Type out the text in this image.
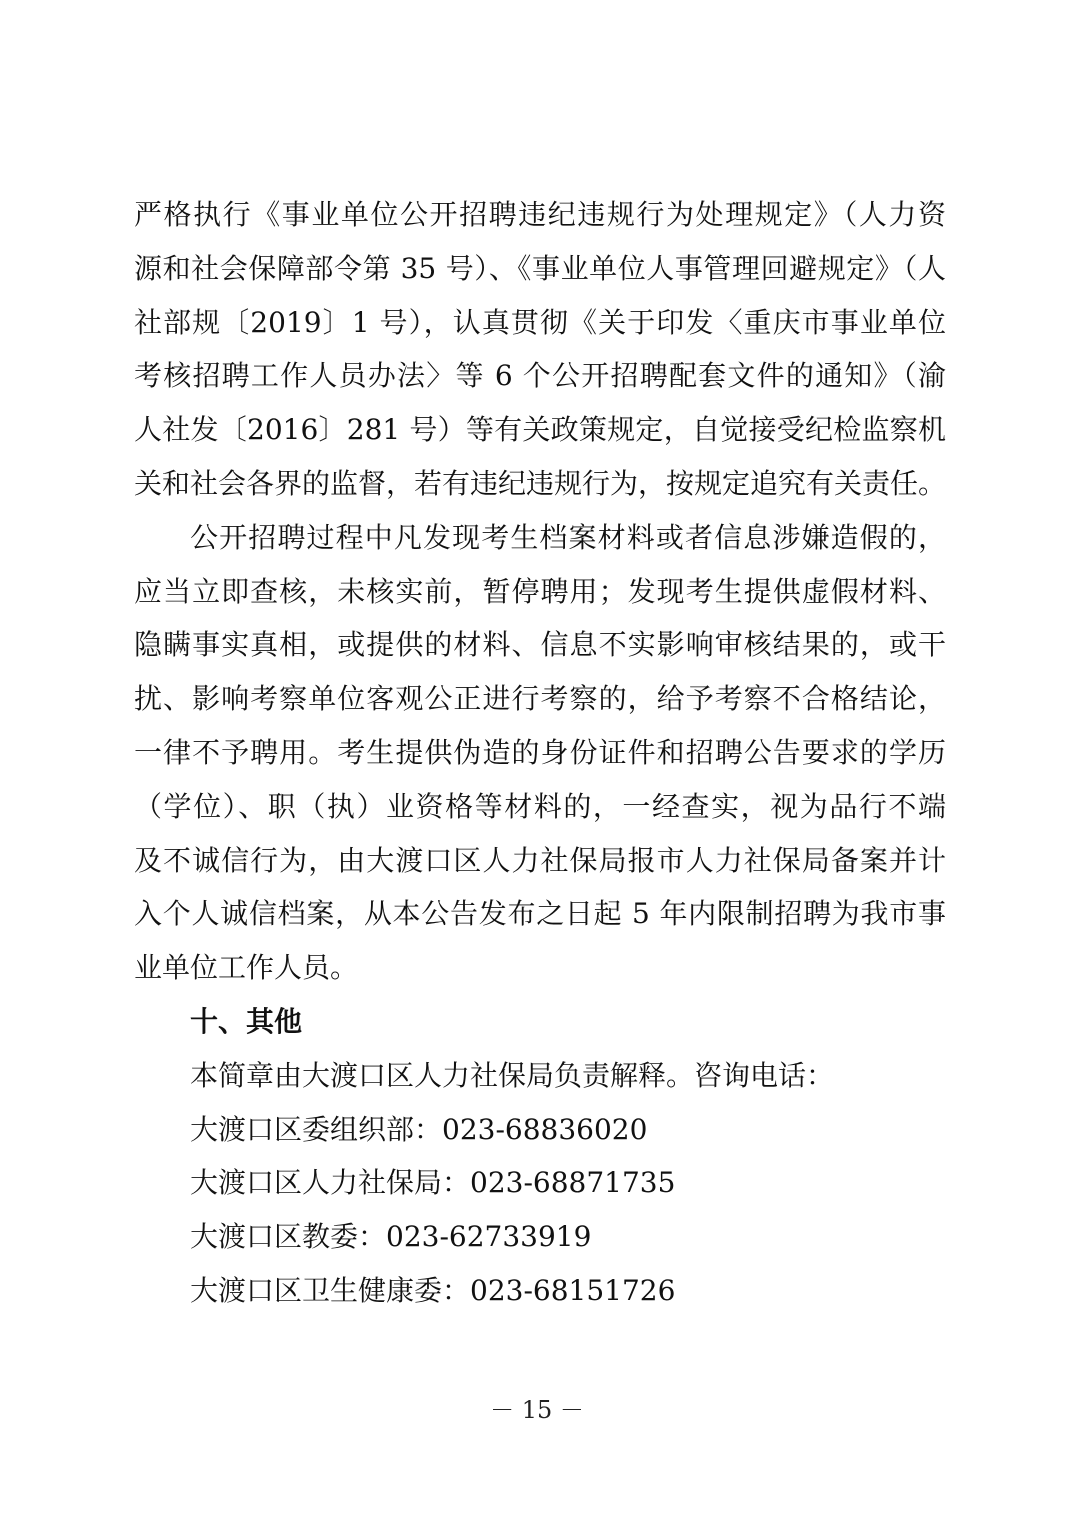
严格执行《事业单位公开招聘违纪违规行为处理规定》（人力资
源和社会保障部令第 35 号）、《事业单位人事管理回避规定》（人
社部规〔2019〕1 号），认真贯彻《关于印发〈重庆市事业单位
考核招聘工作人员办法〉等 6 个公开招聘配套文件的通知》（渝
人社发〔2016〕281 号）等有关政策规定，自觉接受纪检监察机
关和社会各界的监督，若有违纪违规行为，按规定追究有关责任。
公开招聘过程中凡发现考生档案材料或者信息涉嫌造假的，
应当立即查核，未核实前，暂停聘用；发现考生提供虚假材料、
隐瞒事实真相，或提供的材料、信息不实影响审核结果的，或干
扰、影响考察单位客观公正进行考察的，给予考察不合格结论，
一律不予聘用。考生提供伪造的身份证件和招聘公告要求的学历
（学位）、职（执）业资格等材料的，一经查实，视为品行不端
及不诚信行为，由大渡口区人力社保局报市人力社保局备案并计
入个人诚信档案，从本公告发布之日起 5 年内限制招聘为我市事
业单位工作人员。
十、其他
本简章由大渡口区人力社保局负责解释。咨询电话：
大渡口区委组织部：023-68836020
大渡口区人力社保局：023-68871735
大渡口区教委：023-62733919
大渡口区卫生健康委：023-68151726
－ 15 －
